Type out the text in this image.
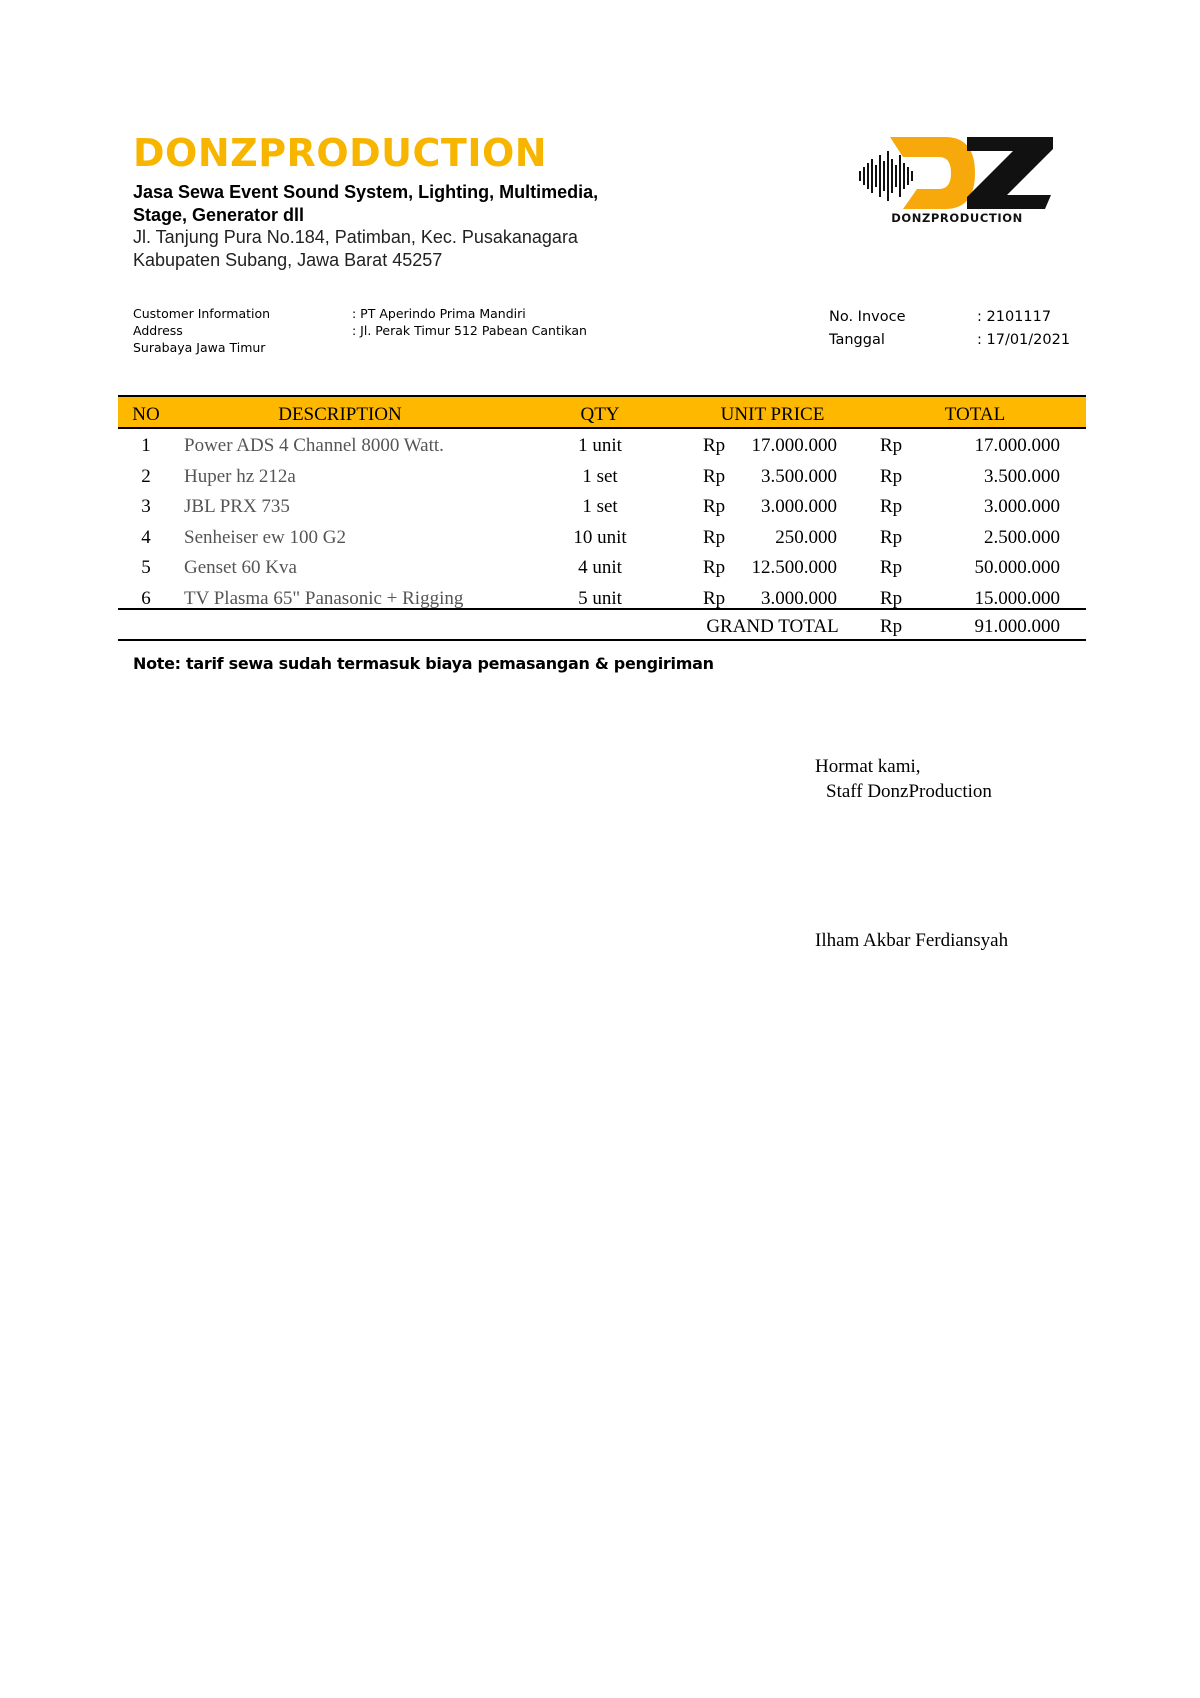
DONZPRODUCTION
Jasa Sewa Event Sound System, Lighting, Multimedia,
Stage, Generator dll
Jl. Tanjung Pura No.184, Patimban, Kec. Pusakanagara
Kabupaten Subang, Jawa Barat 45257
DONZPRODUCTION
Customer Information	: PT Aperindo Prima Mandiri
Address	: Jl. Perak Timur 512 Pabean Cantikan
Surabaya Jawa Timur
No. Invoce	: 2101117
Tanggal	: 17/01/2021
NO	DESCRIPTION	QTY	UNIT PRICE	TOTAL
1	Power ADS 4 Channel 8000 Watt.	1 unit	Rp	17.000.000 Rp	17.000.000
2	Huper hz 212a	1 set	Rp	3.500.000 Rp	3.500.000
3	JBL PRX 735	1 set	Rp	3.000.000 Rp	3.000.000
4	Senheiser ew 100 G2	10 unit	Rp	250.000 Rp	2.500.000
5	Genset 60 Kva	4 unit	Rp	12.500.000 Rp	50.000.000
6	TV Plasma 65" Panasonic + Rigging	5 unit	Rp	3.000.000 Rp	15.000.000
GRAND TOTAL	Rp	91.000.000
Note: tarif sewa sudah termasuk biaya pemasangan & pengiriman
Hormat kami,
Staff DonzProduction
Ilham Akbar Ferdiansyah
